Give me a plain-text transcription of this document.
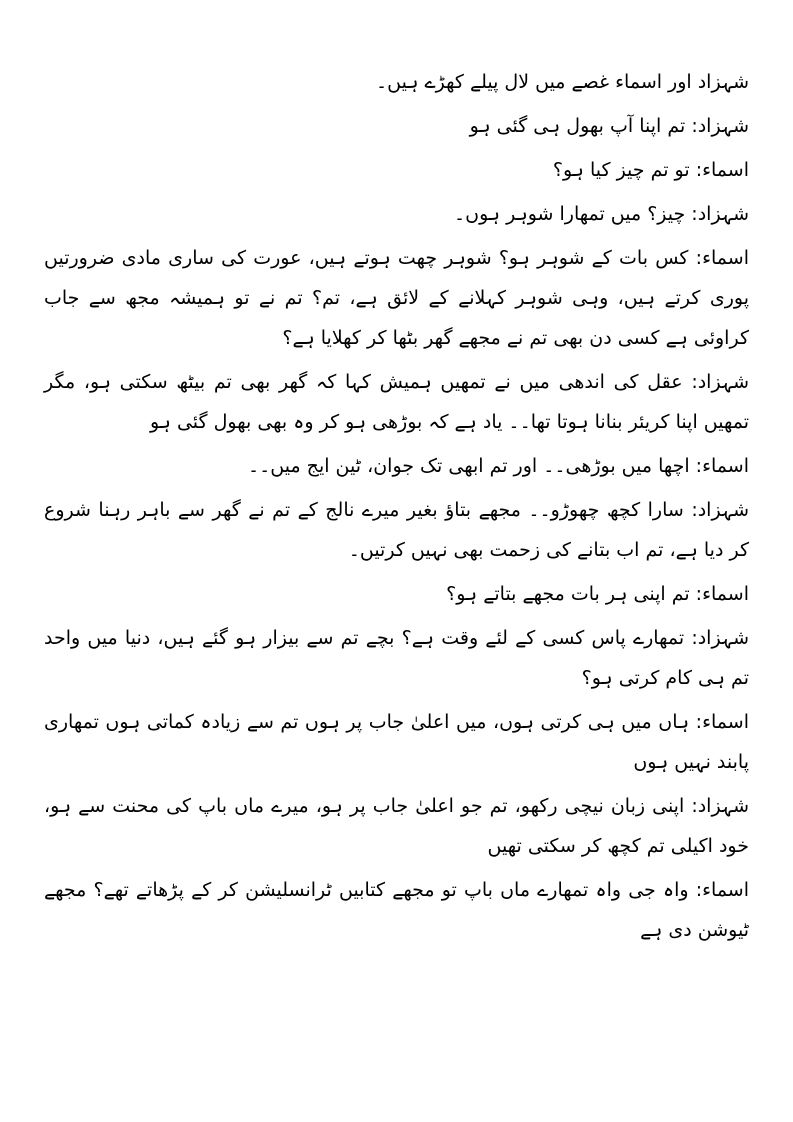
شہزاد اور اسماء غصے میں لال پیلے کھڑے ہیں۔

شہزاد: تم اپنا آپ بھول ہی گئی ہو

اسماء: تو تم چیز کیا ہو؟

شہزاد: چیز؟ میں تمھارا شوہر ہوں۔

اسماء: کس بات کے شوہر ہو؟ شوہر چھت ہوتے ہیں، عورت کی ساری مادی ضرورتیں پوری کرتے ہیں، وہی شوہر کہلانے کے لائق ہے، تم؟ تم نے تو ہمیشہ مجھ سے جاب کراوئی ہے کسی دن بھی تم نے مجھے گھر بٹھا کر کھلایا ہے؟

شہزاد: عقل کی اندھی میں نے تمھیں ہمیش کہا کہ گھر بھی تم بیٹھ سکتی ہو، مگر تمھیں اپنا کریئر بنانا ہوتا تھا۔۔ یاد ہے کہ بوڑھی ہو کر وہ بھی بھول گئی ہو

اسماء: اچھا میں بوڑھی۔۔ اور تم ابھی تک جوان، ٹین ایج میں۔۔

شہزاد: سارا کچھ چھوڑو۔۔ مجھے بتاؤ بغیر میرے نالج کے تم نے گھر سے باہر رہنا شروع کر دیا ہے، تم اب بتانے کی زحمت بھی نہیں کرتیں۔

اسماء: تم اپنی ہر بات مجھے بتاتے ہو؟

شہزاد: تمھارے پاس کسی کے لئے وقت ہے؟ بچے تم سے بیزار ہو گئے ہیں، دنیا میں واحد تم ہی کام کرتی ہو؟

اسماء: ہاں میں ہی کرتی ہوں، میں اعلیٰ جاب پر ہوں تم سے زیادہ کماتی ہوں تمھاری پابند نہیں ہوں

شہزاد: اپنی زبان نیچی رکھو، تم جو اعلیٰ جاب پر ہو، میرے ماں باپ کی محنت سے ہو، خود اکیلی تم کچھ کر سکتی تھیں

اسماء: واہ جی واہ تمھارے ماں باپ تو مجھے کتابیں ٹرانسلیشن کر کے پڑھاتے تھے؟ مجھے ٹیوشن دی ہے
